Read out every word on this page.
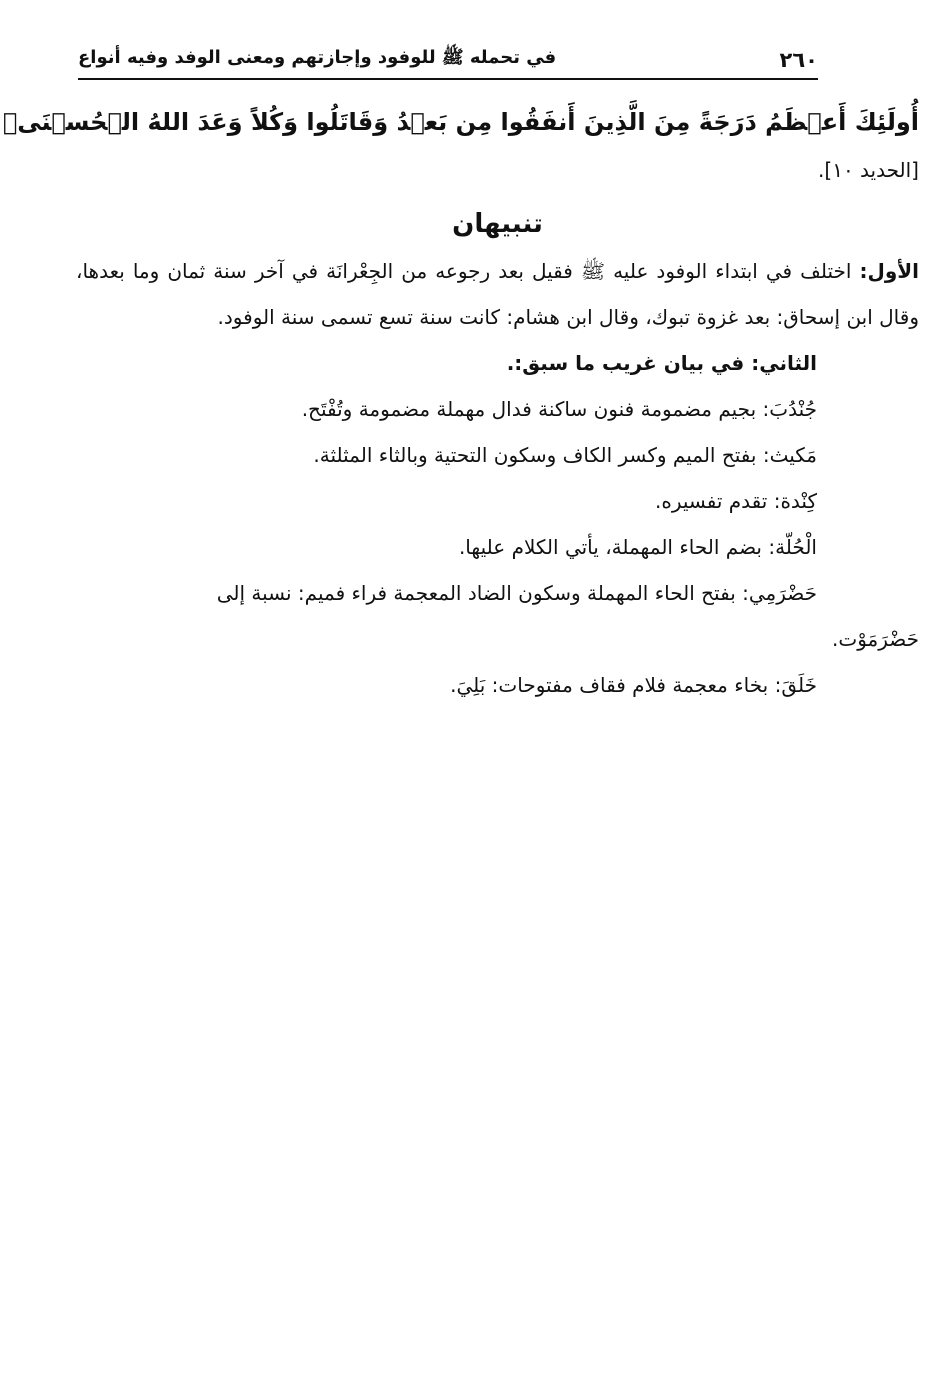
في تحمله ﷺ للوفود وإجازتهم ومعنى الوفد وفيه أنواع	٢٦٠
أُولَئِكَ أَعۡظَمُ دَرَجَةً مِنَ الَّذِينَ أَنفَقُوا مِن بَعۡدُ وَقَاتَلُوا وَكُلاً وَعَدَ اللهُ الۡحُسۡنَى﴾
[الحديد ١٠].
تنبيهان
الأول: اختلف في ابتداء الوفود عليه ﷺ فقيل بعد رجوعه من الجِعْرانَة في آخر سنة ثمان وما بعدها، وقال ابن إسحاق: بعد غزوة تبوك، وقال ابن هشام: كانت سنة تسع تسمى سنة الوفود.
الثاني: في بيان غريب ما سبق:.
جُنْدُبَ: بجيم مضمومة فنون ساكنة فدال مهملة مضمومة وتُفْتَح.
مَكيث: بفتح الميم وكسر الكاف وسكون التحتية وبالثاء المثلثة.
كِنْدة: تقدم تفسيره.
الْحُلّة: بضم الحاء المهملة، يأتي الكلام عليها.
حَضْرَمِي: بفتح الحاء المهملة وسكون الضاد المعجمة فراء فميم: نسبة إلى
حَضْرَمَوْت.
خَلَقَ: بخاء معجمة فلام فقاف مفتوحات: بَلِيَ.
